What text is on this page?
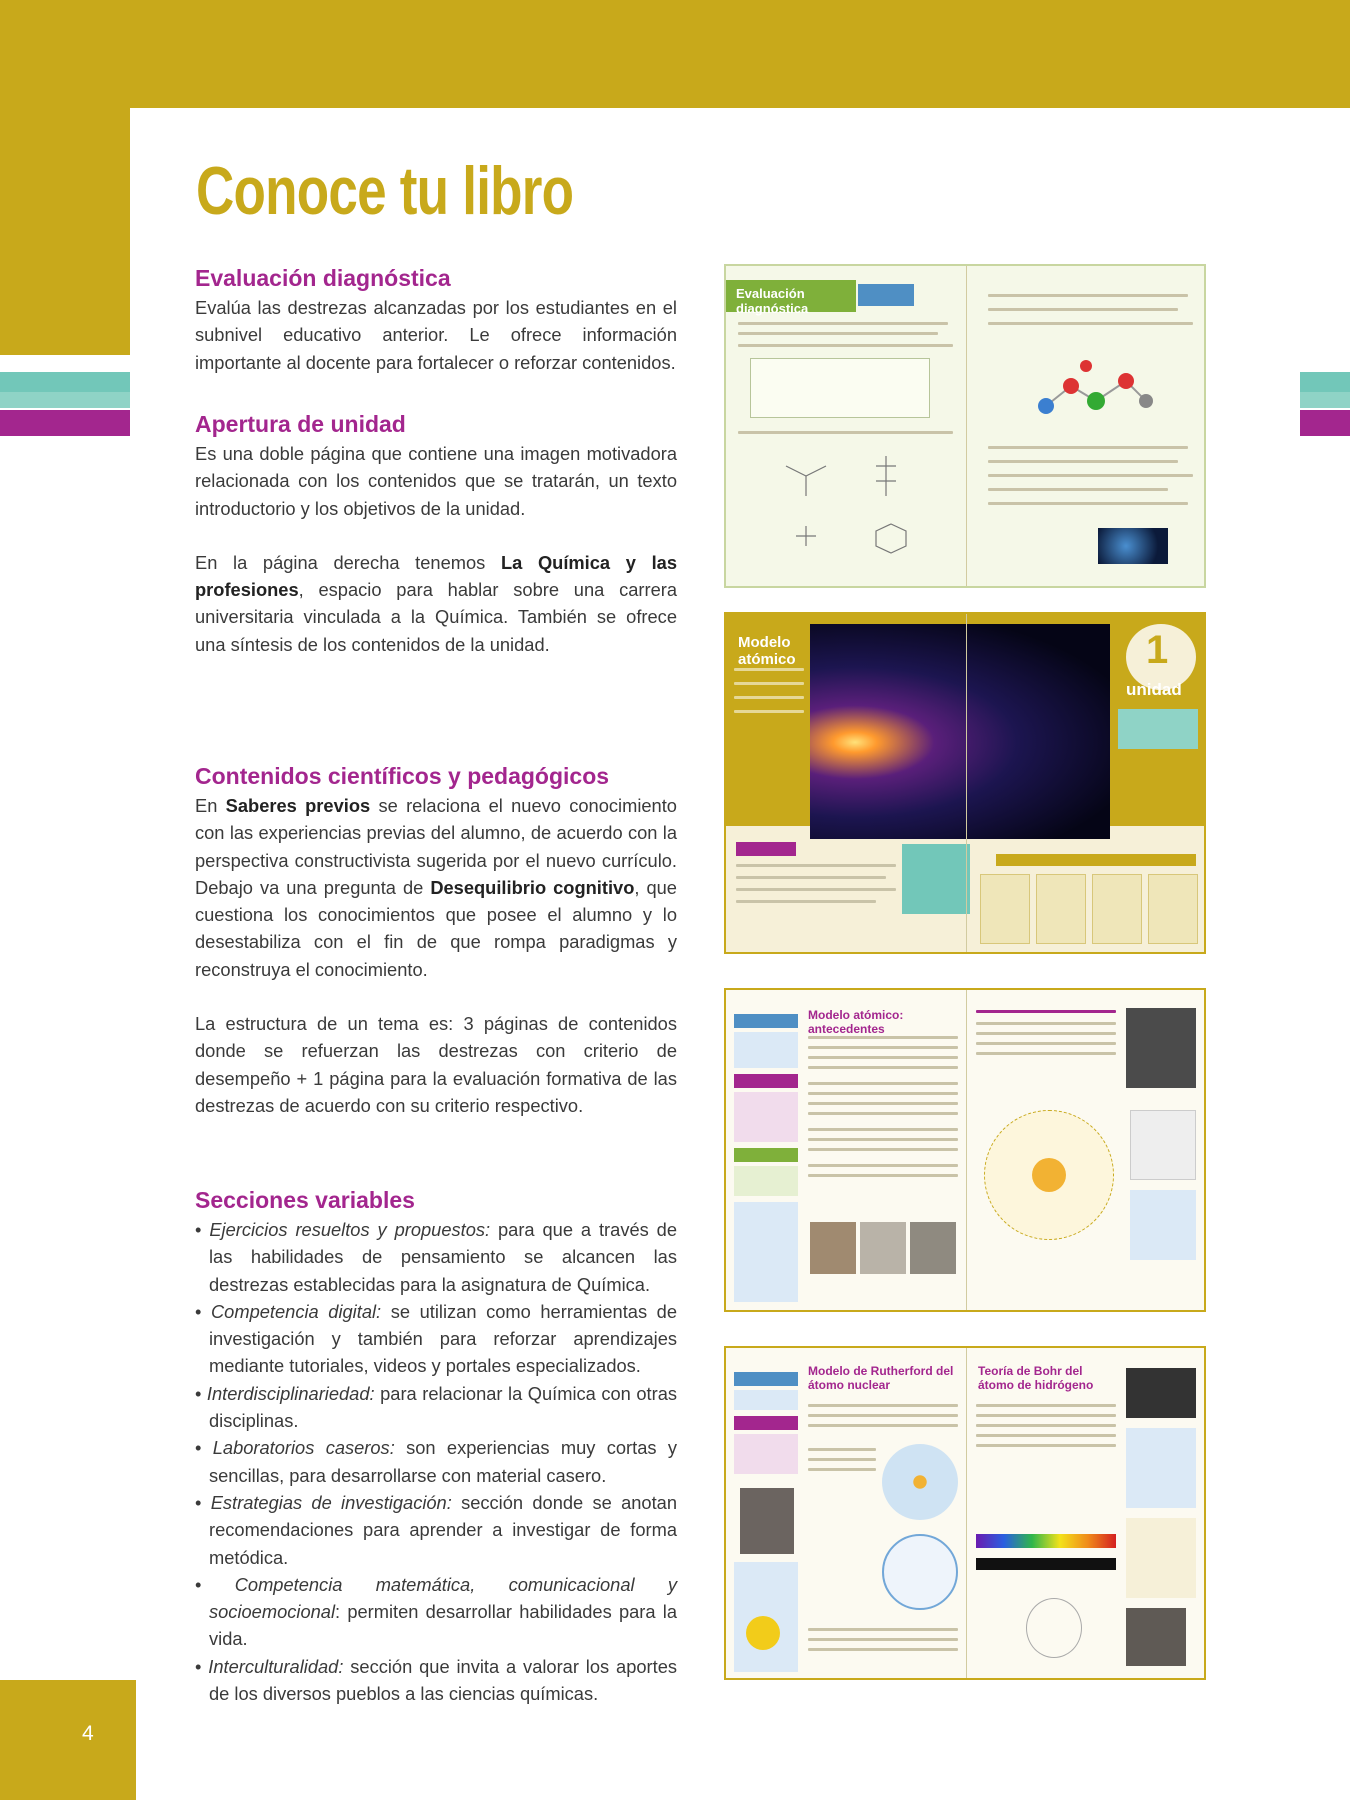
4
Conoce tu libro
Evaluación diagnóstica

Evalúa las destrezas alcanzadas por los estudiantes en el subnivel educativo anterior. Le ofrece información importante al docente para fortalecer o reforzar contenidos.

Apertura de unidad

Es una doble página que contiene una imagen motivadora relacionada con los contenidos que se tratarán, un texto introductorio y los objetivos de la unidad.

En la página derecha tenemos La Química y las profesiones, espacio para hablar sobre una carrera universitaria vinculada a la Química. También se ofrece una síntesis de los contenidos de la unidad.

Contenidos científicos y pedagógicos

En Saberes previos se relaciona el nuevo conocimiento con las experiencias previas del alumno, de acuerdo con la perspectiva constructivista sugerida por el nuevo currículo. Debajo va una pregunta de Desequilibrio cognitivo, que cuestiona los conocimientos que posee el alumno y lo desestabiliza con el fin de que rompa paradigmas y reconstruya el conocimiento.

La estructura de un tema es: 3 páginas de contenidos donde se refuerzan las destrezas con criterio de desempeño + 1 página para la evaluación formativa de las destrezas de acuerdo con su criterio respectivo.

Secciones variables
• Ejercicios resueltos y propuestos: para que a través de las habilidades de pensamiento se alcancen las destrezas establecidas para la asignatura de Química.
• Competencia digital: se utilizan como herramientas de investigación y también para reforzar aprendizajes mediante tutoriales, videos y portales especializados.
• Interdisciplinariedad: para relacionar la Química con otras disciplinas.
• Laboratorios caseros: son experiencias muy cortas y sencillas, para desarrollarse con material casero.
• Estrategias de investigación: sección donde se anotan recomendaciones para aprender a investigar de forma metódica.
• Competencia matemática, comunicacional y socioemocional: permiten desarrollar habilidades para la vida.
• Interculturalidad: sección que invita a valorar los aportes de los diversos pueblos a las ciencias químicas.
Evaluación diagnóstica
Modelo atómico	1
unidad
Modelo atómico: antecedentes
Modelo de Rutherford del átomo nuclear
Teoría de Bohr del átomo de hidrógeno
